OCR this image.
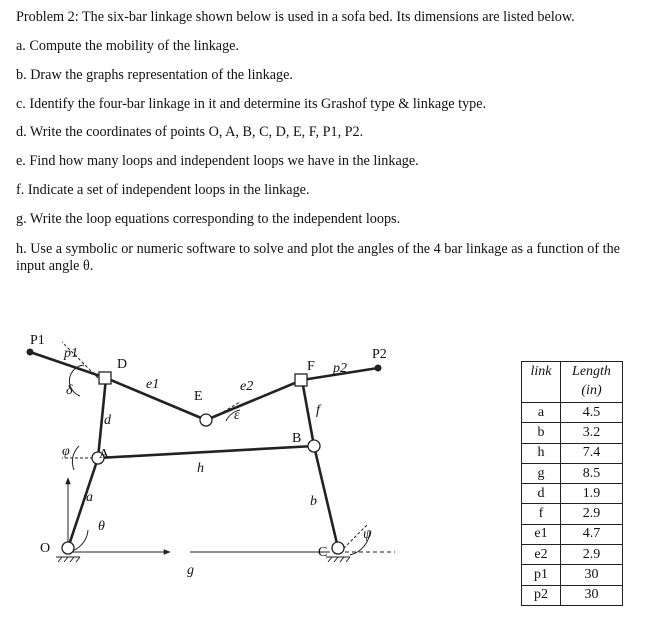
Problem 2: The six-bar linkage shown below is used in a sofa bed. Its dimensions are listed below.
a. Compute the mobility of the linkage.
b. Draw the graphs representation of the linkage.
c. Identify the four-bar linkage in it and determine its Grashof type & linkage type.
d. Write the coordinates of points O, A, B, C, D, E, F, P1, P2.
e. Find how many loops and independent loops we have in the linkage.
f. Indicate a set of independent loops in the linkage.
g. Write the loop equations corresponding to the independent loops.
h. Use a symbolic or numeric software to solve and plot the angles of the 4 bar linkage as a function of the input angle θ.
P1
p1
D
δ	e1
E
e2
ε
F p2
P2
f
B
d
φ A
h
a	b
θ
ψ
O	C
g
link	Length
(in)
a	4.5
b	3.2
h	7.4
g	8.5
d	1.9
f	2.9
e1	4.7
e2	2.9
p1	30
p2	30
